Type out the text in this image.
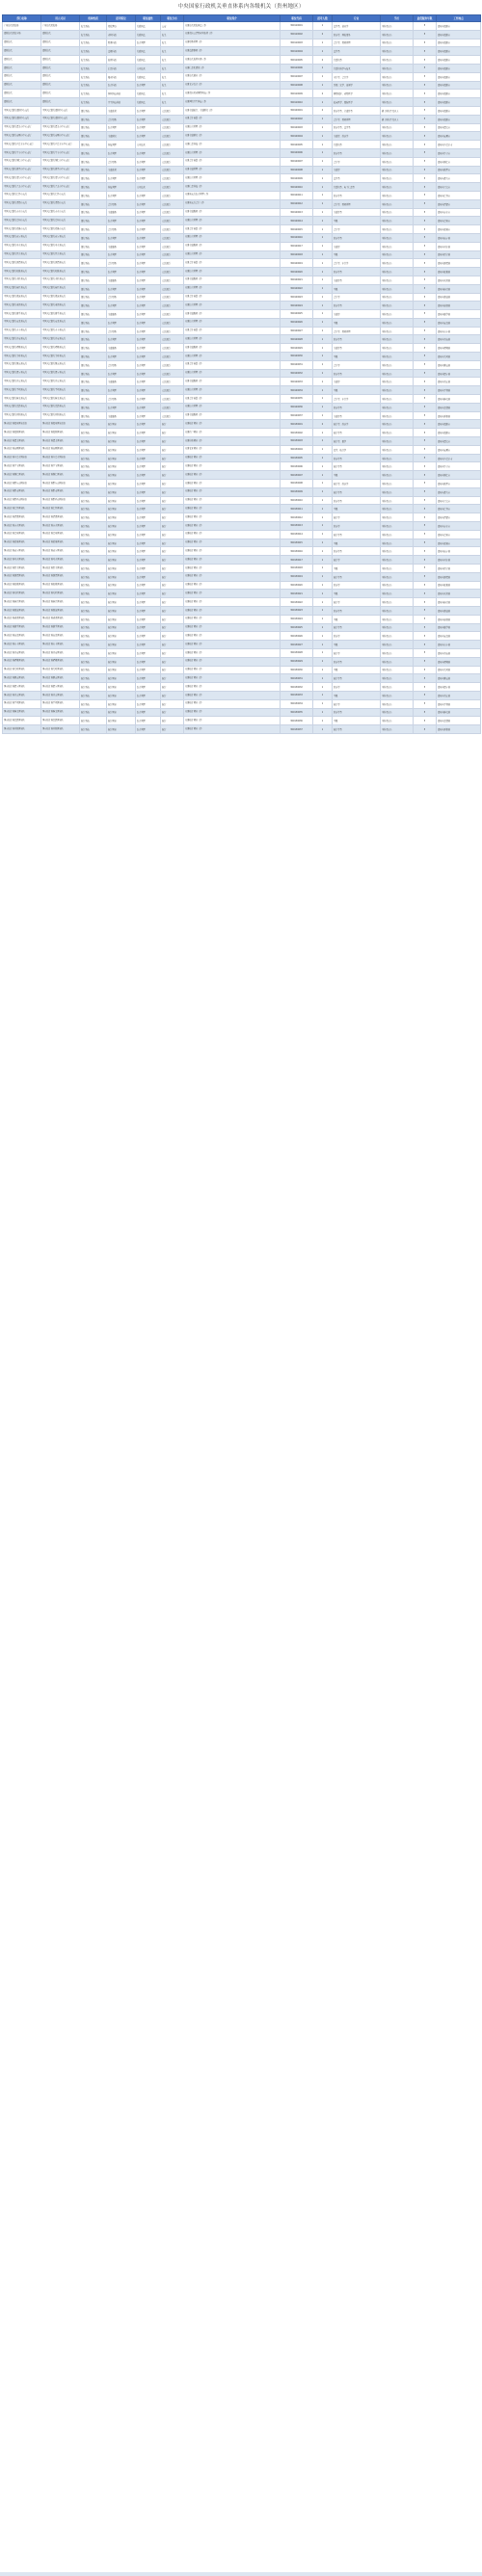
中央国家行政机关垂直体系内各级机关（贵州地区）
部门名称	用人司局	机构性质	招考职位	职位属性	职位分布	职位简介	职位代码	招考人数	专业	学历	最低服务年限	工作地点
广州海关缉私局	广州海关缉私局	海关系统	缉私警察	行政执法	公安	从事海关缉私执法工作	300110001	1	法学类、侦查学	本科及以上	5	贵州省贵阳市
贵阳海关缉私分局	贵阳海关	海关系统	查验科员	行政执法	海关	从事进出口货物查验监管工作	300110002	2	经济学、国际贸易	本科及以上	5	贵州省贵阳市
贵阳海关	贵阳海关	海关系统	财务科员	综合管理	海关	从事财务管理工作	300110003	1	会计学、财务管理	本科及以上	5	贵州省贵阳市
贵阳海关	贵阳海关	海关系统	法规科员	行政执法	海关	从事法律事务工作	300110004	1	法学类	本科及以上	5	贵州省贵阳市
贵阳海关	贵阳海关	海关系统	监管科员	行政执法	海关	从事海关监管业务工作	300110005	2	计算机类	本科及以上	5	贵州省贵阳市
贵阳海关	贵阳海关	海关系统	信息科员	专业技术	海关	从事信息化建设工作	300110006	1	计算机科学与技术	本科及以上	5	贵州省贵阳市
贵阳海关	贵阳海关	海关系统	稽查科员	行政执法	海关	从事海关稽查工作	300110007	1	审计学、会计学	本科及以上	5	贵州省贵阳市
贵阳海关	贵阳海关	海关系统	综合科员	综合管理	海关	从事文字综合工作	300110008	1	汉语言文学、新闻学	本科及以上	5	贵州省贵阳市
贵阳海关	贵阳海关	海关系统	检验检疫科员	行政执法	海关	从事进出境动植物检疫工作	300110009	2	植物保护、动物医学	本科及以上	5	贵州省贵阳市
贵阳海关	贵阳海关	海关系统	卫生检疫科员	行政执法	海关	从事国境卫生检疫工作	300110010	1	临床医学、预防医学	本科及以上	5	贵州省贵阳市
中国人民银行贵阳中心支行	中国人民银行贵阳中心支行	银行系统	金融监管	综合管理	人民银行	从事金融统计、金融研究工作	300120001	2	经济学类、金融学类	硕士研究生及以上	5	贵州省贵阳市
中国人民银行贵阳中心支行	中国人民银行贵阳中心支行	银行系统	会计财务	综合管理	人民银行	从事会计核算工作	300120002	1	会计学、财务管理	硕士研究生及以上	5	贵州省贵阳市
中国人民银行遵义市中心支行	中国人民银行遵义市中心支行	银行系统	综合管理	综合管理	人民银行	从事综合管理工作	300120003	1	经济学类、法学类	本科及以上	5	贵州省遵义市
中国人民银行安顺市中心支行	中国人民银行安顺市中心支行	银行系统	金融研究	综合管理	人民银行	从事金融研究工作	300120004	1	金融学、经济学	本科及以上	5	贵州省安顺市
中国人民银行六盘水市中心支行	中国人民银行六盘水市中心支行	银行系统	科技管理	专业技术	人民银行	从事信息科技工作	300120005	1	计算机类	本科及以上	5	贵州省六盘水市
中国人民银行毕节市中心支行	中国人民银行毕节市中心支行	银行系统	综合管理	综合管理	人民银行	从事综合管理工作	300120006	1	经济学类	本科及以上	5	贵州省毕节市
中国人民银行铜仁市中心支行	中国人民银行铜仁市中心支行	银行系统	会计财务	综合管理	人民银行	从事会计核算工作	300120007	1	会计学	本科及以上	5	贵州省铜仁市
中国人民银行凯里市中心支行	中国人民银行凯里市中心支行	银行系统	金融监管	综合管理	人民银行	从事金融管理工作	300120008	1	金融学	本科及以上	5	贵州省凯里市
中国人民银行都匀市中心支行	中国人民银行都匀市中心支行	银行系统	综合管理	综合管理	人民银行	从事综合管理工作	300120009	1	法学类	本科及以上	5	贵州省都匀市
中国人民银行兴义市中心支行	中国人民银行兴义市中心支行	银行系统	科技管理	专业技术	人民银行	从事信息科技工作	300120010	1	计算机类、电子信息类	本科及以上	5	贵州省兴义市
中国人民银行仁怀市支行	中国人民银行仁怀市支行	银行系统	综合管理	综合管理	人民银行	从事县支行综合管理工作	300120011	1	经济学类	本科及以上	5	贵州省仁怀市
中国人民银行清镇市支行	中国人民银行清镇市支行	银行系统	会计财务	综合管理	人民银行	从事县支行会计工作	300120012	1	会计学、财务管理	本科及以上	5	贵州省清镇市
中国人民银行赤水市支行	中国人民银行赤水市支行	银行系统	金融服务	综合管理	人民银行	从事金融服务工作	300120013	1	金融学类	本科及以上	5	贵州省赤水市
中国人民银行盘州市支行	中国人民银行盘州市支行	银行系统	综合管理	综合管理	人民银行	从事综合管理工作	300120014	1	不限	本科及以上	5	贵州省盘州市
中国人民银行福泉市支行	中国人民银行福泉市支行	银行系统	会计财务	综合管理	人民银行	从事会计核算工作	300120015	1	会计学	本科及以上	5	贵州省福泉市
中国人民银行威宁县支行	中国人民银行威宁县支行	银行系统	综合管理	综合管理	人民银行	从事综合管理工作	300120016	1	经济学类	本科及以上	5	贵州省威宁县
中国人民银行习水县支行	中国人民银行习水县支行	银行系统	金融服务	综合管理	人民银行	从事金融服务工作	300120017	1	金融学	本科及以上	5	贵州省习水县
中国人民银行织金县支行	中国人民银行织金县支行	银行系统	综合管理	综合管理	人民银行	从事综合管理工作	300120018	1	不限	本科及以上	5	贵州省织金县
中国人民银行湄潭县支行	中国人民银行湄潭县支行	银行系统	会计财务	综合管理	人民银行	从事会计核算工作	300120019	1	会计学、审计学	本科及以上	5	贵州省湄潭县
中国人民银行松桃县支行	中国人民银行松桃县支行	银行系统	综合管理	综合管理	人民银行	从事综合管理工作	300120020	1	经济学类	本科及以上	5	贵州省松桃县
中国人民银行天柱县支行	中国人民银行天柱县支行	银行系统	金融服务	综合管理	人民银行	从事金融服务工作	300120021	1	金融学类	本科及以上	5	贵州省天柱县
中国人民银行榕江县支行	中国人民银行榕江县支行	银行系统	综合管理	综合管理	人民银行	从事综合管理工作	300120022	1	不限	本科及以上	5	贵州省榕江县
中国人民银行荔波县支行	中国人民银行荔波县支行	银行系统	会计财务	综合管理	人民银行	从事会计核算工作	300120023	1	会计学	本科及以上	5	贵州省荔波县
中国人民银行望谟县支行	中国人民银行望谟县支行	银行系统	综合管理	综合管理	人民银行	从事综合管理工作	300120024	1	经济学类	本科及以上	5	贵州省望谟县
中国人民银行册亨县支行	中国人民银行册亨县支行	银行系统	金融服务	综合管理	人民银行	从事金融服务工作	300120025	1	金融学	本科及以上	5	贵州省册亨县
中国人民银行安龙县支行	中国人民银行安龙县支行	银行系统	综合管理	综合管理	人民银行	从事综合管理工作	300120026	1	不限	本科及以上	5	贵州省安龙县
中国人民银行贞丰县支行	中国人民银行贞丰县支行	银行系统	会计财务	综合管理	人民银行	从事会计核算工作	300120027	1	会计学、财务管理	本科及以上	5	贵州省贞丰县
中国人民银行普安县支行	中国人民银行普安县支行	银行系统	综合管理	综合管理	人民银行	从事综合管理工作	300120028	1	经济学类	本科及以上	5	贵州省普安县
中国人民银行晴隆县支行	中国人民银行晴隆县支行	银行系统	金融服务	综合管理	人民银行	从事金融服务工作	300120029	1	金融学类	本科及以上	5	贵州省晴隆县
中国人民银行关岭县支行	中国人民银行关岭县支行	银行系统	综合管理	综合管理	人民银行	从事综合管理工作	300120030	1	不限	本科及以上	5	贵州省关岭县
中国人民银行紫云县支行	中国人民银行紫云县支行	银行系统	会计财务	综合管理	人民银行	从事会计核算工作	300120031	1	会计学	本科及以上	5	贵州省紫云县
中国人民银行镇宁县支行	中国人民银行镇宁县支行	银行系统	综合管理	综合管理	人民银行	从事综合管理工作	300120032	1	经济学类	本科及以上	5	贵州省镇宁县
中国人民银行普定县支行	中国人民银行普定县支行	银行系统	金融服务	综合管理	人民银行	从事金融服务工作	300120033	1	金融学	本科及以上	5	贵州省普定县
中国人民银行平坝县支行	中国人民银行平坝县支行	银行系统	综合管理	综合管理	人民银行	从事综合管理工作	300120034	1	不限	本科及以上	5	贵州省平坝县
中国人民银行修文县支行	中国人民银行修文县支行	银行系统	会计财务	综合管理	人民银行	从事会计核算工作	300120035	1	会计学、审计学	本科及以上	5	贵州省修文县
中国人民银行息烽县支行	中国人民银行息烽县支行	银行系统	综合管理	综合管理	人民银行	从事综合管理工作	300120036	1	经济学类	本科及以上	5	贵州省息烽县
中国人民银行开阳县支行	中国人民银行开阳县支行	银行系统	金融服务	综合管理	人民银行	从事金融服务工作	300120037	1	金融学类	本科及以上	5	贵州省开阳县
国家统计局贵州调查总队	国家统计局贵州调查总队	统计系统	统计调查	综合管理	统计	从事统计调查工作	300130001	2	统计学、经济学	本科及以上	5	贵州省贵阳市
国家统计局贵阳调查队	国家统计局贵阳调查队	统计系统	统计调查	综合管理	统计	从事住户调查工作	300130002	1	统计学类	本科及以上	5	贵州省贵阳市
国家统计局遵义调查队	国家统计局遵义调查队	统计系统	统计调查	综合管理	统计	从事价格调查工作	300130003	1	统计学、数学	本科及以上	5	贵州省遵义市
国家统计局安顺调查队	国家统计局安顺调查队	统计系统	统计调查	综合管理	统计	从事农业调查工作	300130004	1	农学、统计学	本科及以上	5	贵州省安顺市
国家统计局六盘水调查队	国家统计局六盘水调查队	统计系统	统计调查	综合管理	统计	从事统计调查工作	300130005	1	经济学类	本科及以上	5	贵州省六盘水市
国家统计局毕节调查队	国家统计局毕节调查队	统计系统	统计调查	综合管理	统计	从事统计调查工作	300130006	1	统计学类	本科及以上	5	贵州省毕节市
国家统计局铜仁调查队	国家统计局铜仁调查队	统计系统	统计调查	综合管理	统计	从事统计调查工作	300130007	1	不限	本科及以上	5	贵州省铜仁市
国家统计局黔东南调查队	国家统计局黔东南调查队	统计系统	统计调查	综合管理	统计	从事统计调查工作	300130008	1	统计学、经济学	本科及以上	5	贵州省凯里市
国家统计局黔南调查队	国家统计局黔南调查队	统计系统	统计调查	综合管理	统计	从事统计调查工作	300130009	1	统计学类	本科及以上	5	贵州省都匀市
国家统计局黔西南调查队	国家统计局黔西南调查队	统计系统	统计调查	综合管理	统计	从事统计调查工作	300130010	1	经济学类	本科及以上	5	贵州省兴义市
国家统计局仁怀调查队	国家统计局仁怀调查队	统计系统	统计调查	综合管理	统计	从事统计调查工作	300130011	1	不限	本科及以上	5	贵州省仁怀市
国家统计局清镇调查队	国家统计局清镇调查队	统计系统	统计调查	综合管理	统计	从事统计调查工作	300130012	1	统计学	本科及以上	5	贵州省清镇市
国家统计局赤水调查队	国家统计局赤水调查队	统计系统	统计调查	综合管理	统计	从事统计调查工作	300130013	1	经济学	本科及以上	5	贵州省赤水市
国家统计局盘州调查队	国家统计局盘州调查队	统计系统	统计调查	综合管理	统计	从事统计调查工作	300130014	1	统计学类	本科及以上	5	贵州省盘州市
国家统计局福泉调查队	国家统计局福泉调查队	统计系统	统计调查	综合管理	统计	从事统计调查工作	300130015	1	不限	本科及以上	5	贵州省福泉市
国家统计局威宁调查队	国家统计局威宁调查队	统计系统	统计调查	综合管理	统计	从事统计调查工作	300130016	1	经济学类	本科及以上	5	贵州省威宁县
国家统计局习水调查队	国家统计局习水调查队	统计系统	统计调查	综合管理	统计	从事统计调查工作	300130017	1	统计学	本科及以上	5	贵州省习水县
国家统计局织金调查队	国家统计局织金调查队	统计系统	统计调查	综合管理	统计	从事统计调查工作	300130018	1	不限	本科及以上	5	贵州省织金县
国家统计局湄潭调查队	国家统计局湄潭调查队	统计系统	统计调查	综合管理	统计	从事统计调查工作	300130019	1	统计学类	本科及以上	5	贵州省湄潭县
国家统计局松桃调查队	国家统计局松桃调查队	统计系统	统计调查	综合管理	统计	从事统计调查工作	300130020	1	经济学	本科及以上	5	贵州省松桃县
国家统计局天柱调查队	国家统计局天柱调查队	统计系统	统计调查	综合管理	统计	从事统计调查工作	300130021	1	不限	本科及以上	5	贵州省天柱县
国家统计局榕江调查队	国家统计局榕江调查队	统计系统	统计调查	综合管理	统计	从事统计调查工作	300130022	1	统计学	本科及以上	5	贵州省榕江县
国家统计局荔波调查队	国家统计局荔波调查队	统计系统	统计调查	综合管理	统计	从事统计调查工作	300130023	1	经济学类	本科及以上	5	贵州省荔波县
国家统计局望谟调查队	国家统计局望谟调查队	统计系统	统计调查	综合管理	统计	从事统计调查工作	300130024	1	不限	本科及以上	5	贵州省望谟县
国家统计局册亨调查队	国家统计局册亨调查队	统计系统	统计调查	综合管理	统计	从事统计调查工作	300130025	1	统计学类	本科及以上	5	贵州省册亨县
国家统计局安龙调查队	国家统计局安龙调查队	统计系统	统计调查	综合管理	统计	从事统计调查工作	300130026	1	经济学	本科及以上	5	贵州省安龙县
国家统计局贞丰调查队	国家统计局贞丰调查队	统计系统	统计调查	综合管理	统计	从事统计调查工作	300130027	1	不限	本科及以上	5	贵州省贞丰县
国家统计局普安调查队	国家统计局普安调查队	统计系统	统计调查	综合管理	统计	从事统计调查工作	300130028	1	统计学	本科及以上	5	贵州省普安县
国家统计局晴隆调查队	国家统计局晴隆调查队	统计系统	统计调查	综合管理	统计	从事统计调查工作	300130029	1	经济学类	本科及以上	5	贵州省晴隆县
国家统计局关岭调查队	国家统计局关岭调查队	统计系统	统计调查	综合管理	统计	从事统计调查工作	300130030	1	不限	本科及以上	5	贵州省关岭县
国家统计局紫云调查队	国家统计局紫云调查队	统计系统	统计调查	综合管理	统计	从事统计调查工作	300130031	1	统计学类	本科及以上	5	贵州省紫云县
国家统计局镇宁调查队	国家统计局镇宁调查队	统计系统	统计调查	综合管理	统计	从事统计调查工作	300130032	1	经济学	本科及以上	5	贵州省镇宁县
国家统计局普定调查队	国家统计局普定调查队	统计系统	统计调查	综合管理	统计	从事统计调查工作	300130033	1	不限	本科及以上	5	贵州省普定县
国家统计局平坝调查队	国家统计局平坝调查队	统计系统	统计调查	综合管理	统计	从事统计调查工作	300130034	1	统计学	本科及以上	5	贵州省平坝县
国家统计局修文调查队	国家统计局修文调查队	统计系统	统计调查	综合管理	统计	从事统计调查工作	300130035	1	经济学类	本科及以上	5	贵州省修文县
国家统计局息烽调查队	国家统计局息烽调查队	统计系统	统计调查	综合管理	统计	从事统计调查工作	300130036	1	不限	本科及以上	5	贵州省息烽县
国家统计局开阳调查队	国家统计局开阳调查队	统计系统	统计调查	综合管理	统计	从事统计调查工作	300130037	1	统计学类	本科及以上	5	贵州省开阳县
